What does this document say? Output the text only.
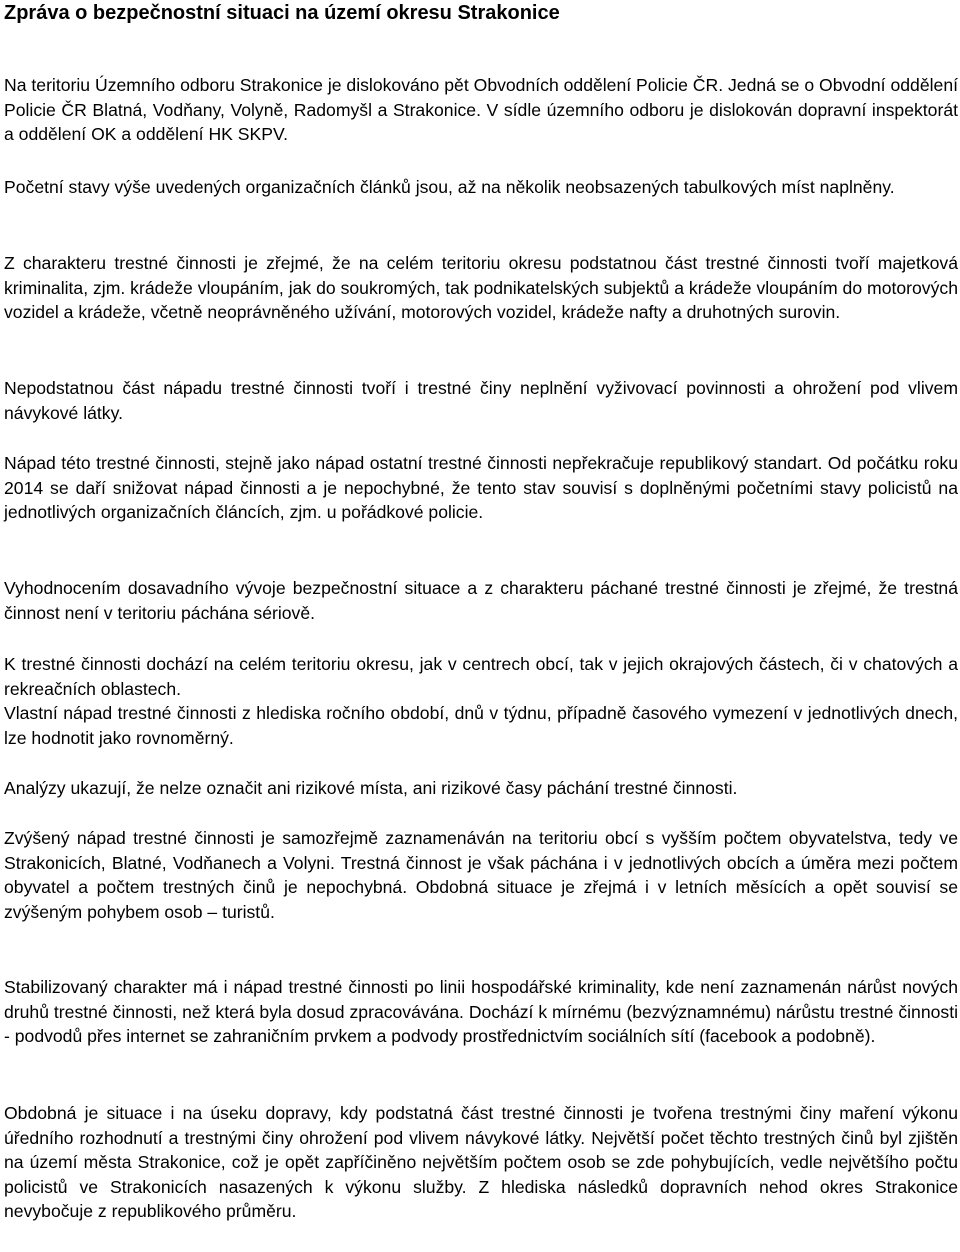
Zpráva o bezpečnostní situaci na území okresu Strakonice

Na teritoriu Územního odboru Strakonice je dislokováno pět Obvodních oddělení Policie ČR. Jedná se o Obvodní oddělení Policie ČR Blatná, Vodňany, Volyně, Radomyšl a Strakonice. V sídle územního odboru je dislokován dopravní inspektorát a oddělení OK a oddělení HK SKPV.

Početní stavy výše uvedených organizačních článků jsou, až na několik neobsazených tabulkových míst naplněny.

Z charakteru trestné činnosti je zřejmé, že na celém teritoriu okresu podstatnou část trestné činnosti tvoří majetková kriminalita, zjm. krádeže vloupáním, jak do soukromých, tak podnikatelských subjektů a krádeže vloupáním do motorových vozidel a krádeže, včetně neoprávněného užívání, motorových vozidel, krádeže nafty a druhotných surovin.

Nepodstatnou část nápadu trestné činnosti tvoří i trestné činy neplnění vyživovací povinnosti a ohrožení pod vlivem návykové látky.

Nápad této trestné činnosti, stejně jako nápad ostatní trestné činnosti nepřekračuje republikový standart. Od počátku roku 2014 se daří snižovat nápad činnosti a je nepochybné, že tento stav souvisí s doplněnými početními stavy policistů na jednotlivých organizačních článcích, zjm. u pořádkové policie.

Vyhodnocením dosavadního vývoje bezpečnostní situace a z charakteru páchané trestné činnosti je zřejmé, že trestná činnost není v teritoriu páchána sériově.

K trestné činnosti dochází na celém teritoriu okresu, jak v centrech obcí, tak v jejich okrajových částech, či v chatových a rekreačních oblastech.

Vlastní nápad trestné činnosti z hlediska ročního období, dnů v týdnu, případně časového vymezení v jednotlivých dnech, lze hodnotit jako rovnoměrný.

Analýzy ukazují, že nelze označit ani rizikové místa, ani rizikové časy páchání trestné činnosti.

Zvýšený nápad trestné činnosti je samozřejmě zaznamenáván na teritoriu obcí s vyšším počtem obyvatelstva, tedy ve Strakonicích, Blatné, Vodňanech a Volyni. Trestná činnost je však páchána i v jednotlivých obcích a úměra mezi počtem obyvatel a počtem trestných činů je nepochybná. Obdobná situace je zřejmá i v letních měsících a opět souvisí se zvýšeným pohybem osob – turistů.

Stabilizovaný charakter má i nápad trestné činnosti po linii hospodářské kriminality, kde není zaznamenán nárůst nových druhů trestné činnosti, než která byla dosud zpracovávána. Dochází k mírnému (bezvýznamnému) nárůstu trestné činnosti - podvodů přes internet se zahraničním prvkem a podvody prostřednictvím sociálních sítí (facebook a podobně).

Obdobná je situace i na úseku dopravy, kdy podstatná část trestné činnosti je tvořena trestnými činy maření výkonu úředního rozhodnutí a trestnými činy ohrožení pod vlivem návykové látky. Největší počet těchto trestných činů byl zjištěn na území města Strakonice, což je opět zapříčiněno největším počtem osob se zde pohybujících, vedle největšího počtu policistů ve Strakonicích nasazených k výkonu služby. Z hlediska následků dopravních nehod okres Strakonice nevybočuje z republikového průměru.
